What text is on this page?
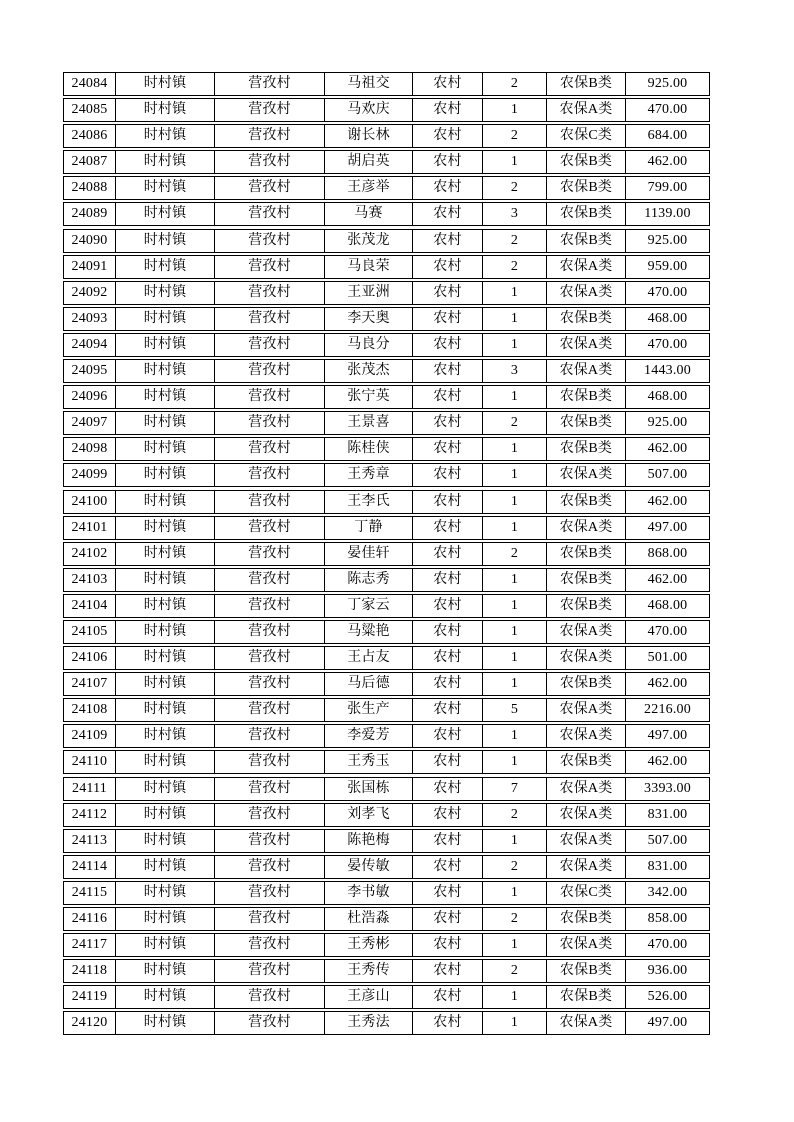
24084	时村镇	营孜村	马祖交	农村	2	农保B类	925.00
24085	时村镇	营孜村	马欢庆	农村	1	农保A类	470.00
24086	时村镇	营孜村	谢长林	农村	2	农保C类	684.00
24087	时村镇	营孜村	胡启英	农村	1	农保B类	462.00
24088	时村镇	营孜村	王彦举	农村	2	农保B类	799.00
24089	时村镇	营孜村	马赛	农村	3	农保B类	1139.00
24090	时村镇	营孜村	张茂龙	农村	2	农保B类	925.00
24091	时村镇	营孜村	马良荣	农村	2	农保A类	959.00
24092	时村镇	营孜村	王亚洲	农村	1	农保A类	470.00
24093	时村镇	营孜村	李天奥	农村	1	农保B类	468.00
24094	时村镇	营孜村	马良分	农村	1	农保A类	470.00
24095	时村镇	营孜村	张茂杰	农村	3	农保A类	1443.00
24096	时村镇	营孜村	张宁英	农村	1	农保B类	468.00
24097	时村镇	营孜村	王景喜	农村	2	农保B类	925.00
24098	时村镇	营孜村	陈桂侠	农村	1	农保B类	462.00
24099	时村镇	营孜村	王秀章	农村	1	农保A类	507.00
24100	时村镇	营孜村	王李氏	农村	1	农保B类	462.00
24101	时村镇	营孜村	丁静	农村	1	农保A类	497.00
24102	时村镇	营孜村	晏佳轩	农村	2	农保B类	868.00
24103	时村镇	营孜村	陈志秀	农村	1	农保B类	462.00
24104	时村镇	营孜村	丁家云	农村	1	农保B类	468.00
24105	时村镇	营孜村	马粱艳	农村	1	农保A类	470.00
24106	时村镇	营孜村	王占友	农村	1	农保A类	501.00
24107	时村镇	营孜村	马后德	农村	1	农保B类	462.00
24108	时村镇	营孜村	张生产	农村	5	农保A类	2216.00
24109	时村镇	营孜村	李爱芳	农村	1	农保A类	497.00
24110	时村镇	营孜村	王秀玉	农村	1	农保B类	462.00
24111	时村镇	营孜村	张国栋	农村	7	农保A类	3393.00
24112	时村镇	营孜村	刘孝飞	农村	2	农保A类	831.00
24113	时村镇	营孜村	陈艳梅	农村	1	农保A类	507.00
24114	时村镇	营孜村	晏传敏	农村	2	农保A类	831.00
24115	时村镇	营孜村	李书敏	农村	1	农保C类	342.00
24116	时村镇	营孜村	杜浩淼	农村	2	农保B类	858.00
24117	时村镇	营孜村	王秀彬	农村	1	农保A类	470.00
24118	时村镇	营孜村	王秀传	农村	2	农保B类	936.00
24119	时村镇	营孜村	王彦山	农村	1	农保B类	526.00
24120	时村镇	营孜村	王秀法	农村	1	农保A类	497.00
